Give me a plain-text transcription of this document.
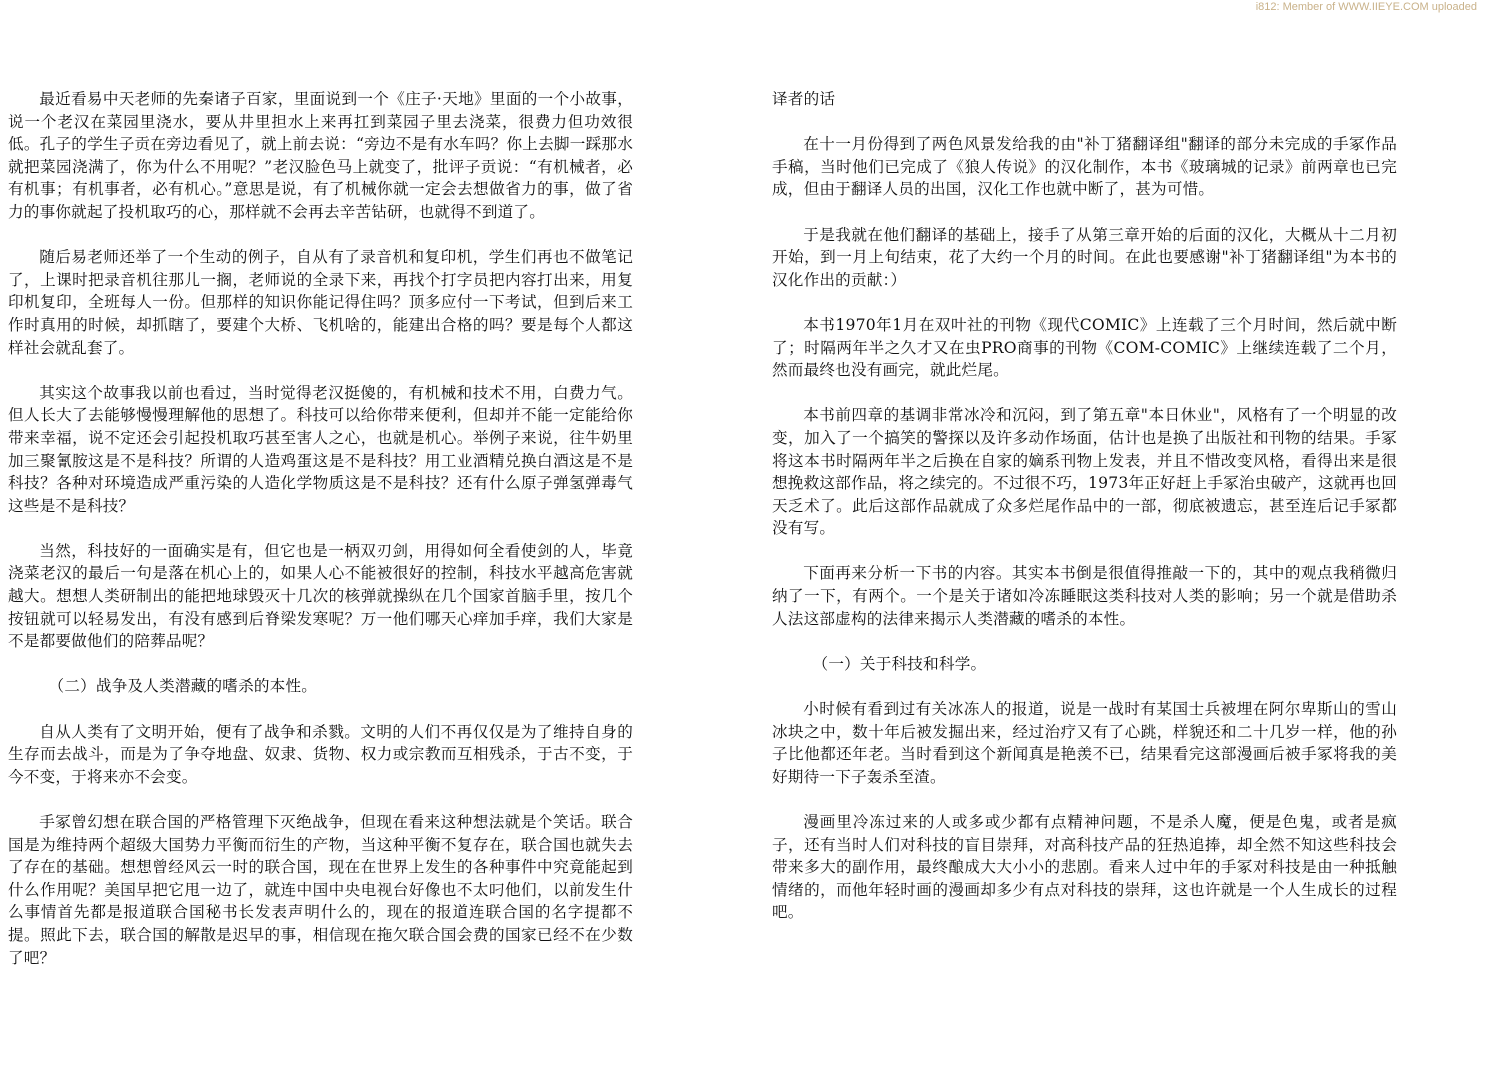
i812: Member of WWW.IIEYE.COM uploaded

最近看易中天老师的先秦诸子百家，里面说到一个《庄子·天地》里面的一个小故事，说一个老汉在菜园里浇水，要从井里担水上来再扛到菜园子里去浇菜，很费力但功效很低。孔子的学生子贡在旁边看见了，就上前去说：“旁边不是有水车吗？你上去脚一踩那水就把菜园浇满了，你为什么不用呢？”老汉脸色马上就变了，批评子贡说：“有机械者，必有机事；有机事者，必有机心。”意思是说，有了机械你就一定会去想做省力的事，做了省力的事你就起了投机取巧的心，那样就不会再去辛苦钻研，也就得不到道了。

随后易老师还举了一个生动的例子，自从有了录音机和复印机，学生们再也不做笔记了，上课时把录音机往那儿一搁，老师说的全录下来，再找个打字员把内容打出来，用复印机复印，全班每人一份。但那样的知识你能记得住吗？顶多应付一下考试，但到后来工作时真用的时候，却抓瞎了，要建个大桥、飞机啥的，能建出合格的吗？要是每个人都这样社会就乱套了。

其实这个故事我以前也看过，当时觉得老汉挺傻的，有机械和技术不用，白费力气。但人长大了去能够慢慢理解他的思想了。科技可以给你带来便利，但却并不能一定能给你带来幸福，说不定还会引起投机取巧甚至害人之心，也就是机心。举例子来说，往牛奶里加三聚氰胺这是不是科技？所谓的人造鸡蛋这是不是科技？用工业酒精兑换白酒这是不是科技？各种对环境造成严重污染的人造化学物质这是不是科技？还有什么原子弹氢弹毒气这些是不是科技？

当然，科技好的一面确实是有，但它也是一柄双刃剑，用得如何全看使剑的人，毕竟浇菜老汉的最后一句是落在机心上的，如果人心不能被很好的控制，科技水平越高危害就越大。想想人类研制出的能把地球毁灭十几次的核弹就操纵在几个国家首脑手里，按几个按钮就可以轻易发出，有没有感到后脊梁发寒呢？万一他们哪天心痒加手痒，我们大家是不是都要做他们的陪葬品呢？

（二）战争及人类潜藏的嗜杀的本性。

自从人类有了文明开始，便有了战争和杀戮。文明的人们不再仅仅是为了维持自身的生存而去战斗，而是为了争夺地盘、奴隶、货物、权力或宗教而互相残杀，于古不变，于今不变，于将来亦不会变。

手冢曾幻想在联合国的严格管理下灭绝战争，但现在看来这种想法就是个笑话。联合国是为维持两个超级大国势力平衡而衍生的产物，当这种平衡不复存在，联合国也就失去了存在的基础。想想曾经风云一时的联合国，现在在世界上发生的各种事件中究竟能起到什么作用呢？美国早把它甩一边了，就连中国中央电视台好像也不太叼他们，以前发生什么事情首先都是报道联合国秘书长发表声明什么的，现在的报道连联合国的名字提都不提。照此下去，联合国的解散是迟早的事，相信现在拖欠联合国会费的国家已经不在少数了吧？

译者的话

在十一月份得到了两色风景发给我的由"补丁猪翻译组"翻译的部分未完成的手冢作品手稿，当时他们已完成了《狼人传说》的汉化制作，本书《玻璃城的记录》前两章也已完成，但由于翻译人员的出国，汉化工作也就中断了，甚为可惜。

于是我就在他们翻译的基础上，接手了从第三章开始的后面的汉化，大概从十二月初开始，到一月上旬结束，花了大约一个月的时间。在此也要感谢"补丁猪翻译组"为本书的汉化作出的贡献：）

本书1970年1月在双叶社的刊物《现代COMIC》上连载了三个月时间，然后就中断了；时隔两年半之久才又在虫PRO商事的刊物《COM-COMIC》上继续连载了二个月，然而最终也没有画完，就此烂尾。

本书前四章的基调非常冰冷和沉闷，到了第五章"本日休业"，风格有了一个明显的改变，加入了一个搞笑的警探以及许多动作场面，估计也是换了出版社和刊物的结果。手冢将这本书时隔两年半之后换在自家的嫡系刊物上发表，并且不惜改变风格，看得出来是很想挽救这部作品，将之续完的。不过很不巧，1973年正好赶上手冢治虫破产，这就再也回天乏术了。此后这部作品就成了众多烂尾作品中的一部，彻底被遗忘，甚至连后记手冢都没有写。

下面再来分析一下书的内容。其实本书倒是很值得推敲一下的，其中的观点我稍微归纳了一下，有两个。一个是关于诸如冷冻睡眠这类科技对人类的影响；另一个就是借助杀人法这部虚构的法律来揭示人类潜藏的嗜杀的本性。

（一）关于科技和科学。

小时候有看到过有关冰冻人的报道，说是一战时有某国士兵被埋在阿尔卑斯山的雪山冰块之中，数十年后被发掘出来，经过治疗又有了心跳，样貌还和二十几岁一样，他的孙子比他都还年老。当时看到这个新闻真是艳羡不已，结果看完这部漫画后被手冢将我的美好期待一下子轰杀至渣。

漫画里冷冻过来的人或多或少都有点精神问题，不是杀人魔，便是色鬼，或者是疯子，还有当时人们对科技的盲目崇拜，对高科技产品的狂热追捧，却全然不知这些科技会带来多大的副作用，最终酿成大大小小的悲剧。看来人过中年的手冢对科技是由一种抵触情绪的，而他年轻时画的漫画却多少有点对科技的崇拜，这也许就是一个人生成长的过程吧。
